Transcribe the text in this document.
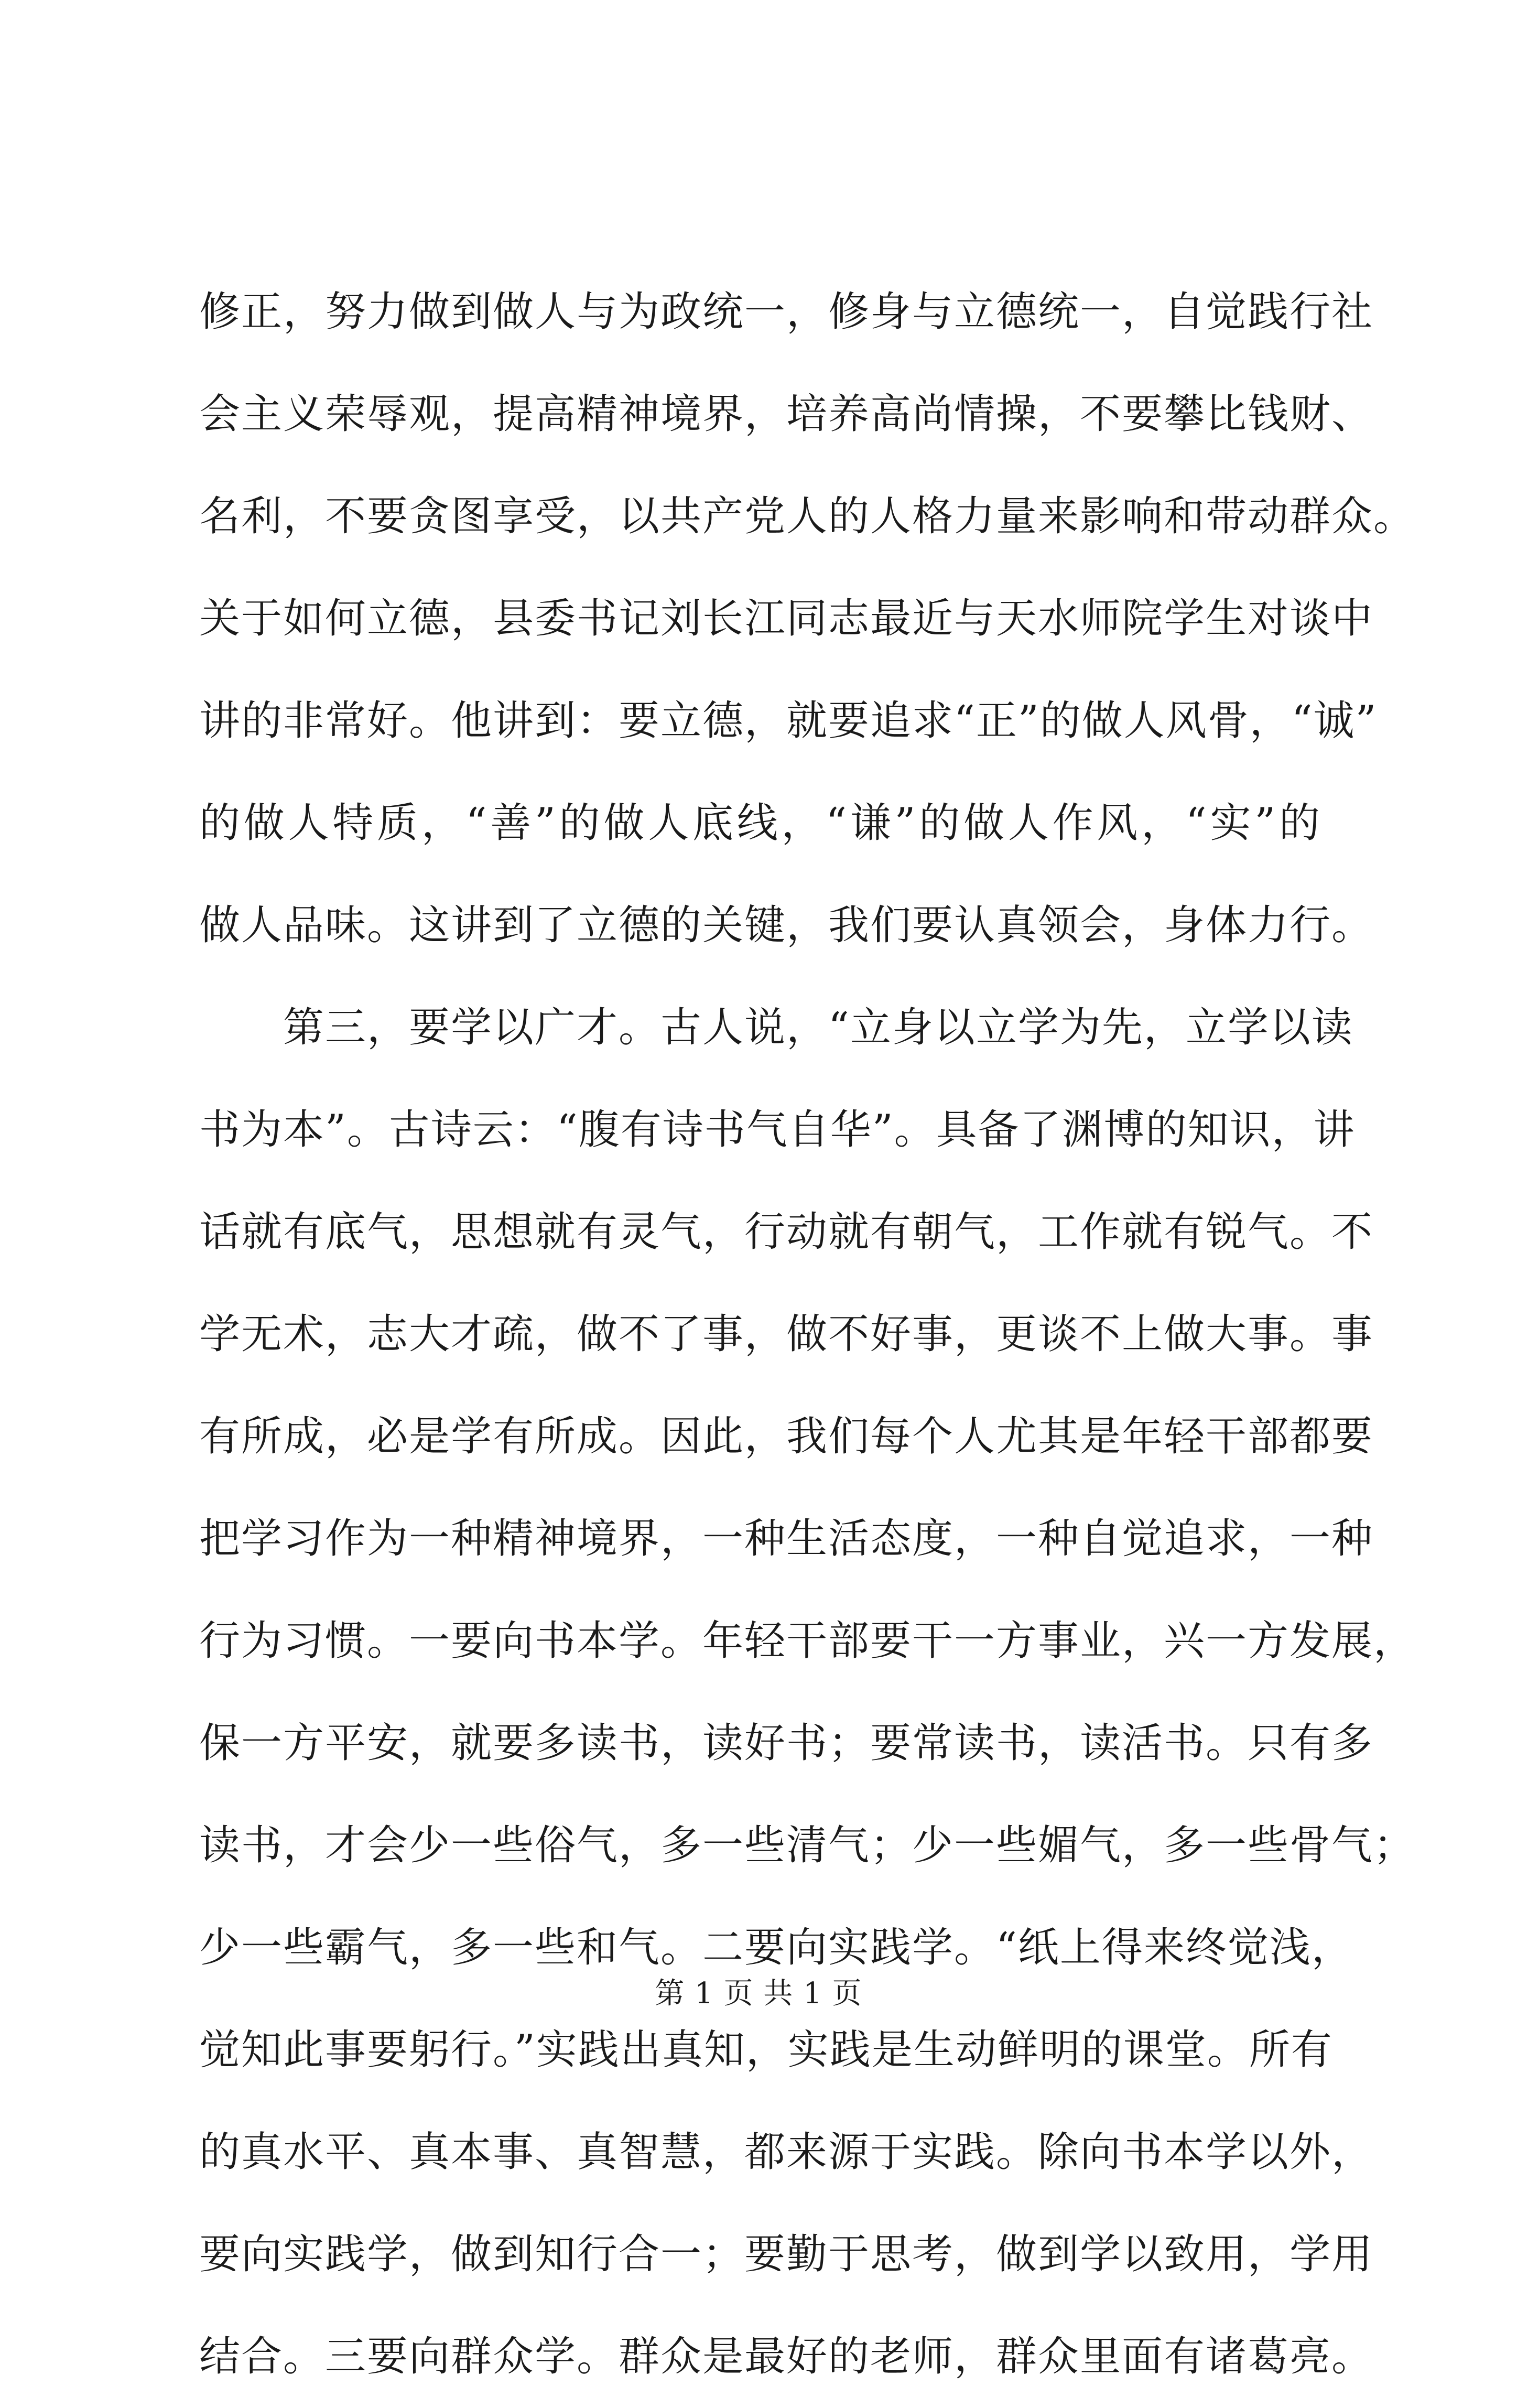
修正，努力做到做人与为政统一，修身与立德统一，自觉践行社
会主义荣辱观，提高精神境界，培养高尚情操，不要攀比钱财、
名利，不要贪图享受，以共产党人的人格力量来影响和带动群众。
关于如何立德，县委书记刘长江同志最近与天水师院学生对谈中
讲的非常好。他讲到：要立德，就要追求“正”的做人风骨，“诚”
的做人特质，“善”的做人底线，“谦”的做人作风，“实”的
做人品味。这讲到了立德的关键，我们要认真领会，身体力行。
第三，要学以广才。古人说，“立身以立学为先，立学以读
书为本”。古诗云：“腹有诗书气自华”。具备了渊博的知识，讲
话就有底气，思想就有灵气，行动就有朝气，工作就有锐气。不
学无术，志大才疏，做不了事，做不好事，更谈不上做大事。事
有所成，必是学有所成。因此，我们每个人尤其是年轻干部都要
把学习作为一种精神境界，一种生活态度，一种自觉追求，一种
行为习惯。一要向书本学。年轻干部要干一方事业，兴一方发展，
保一方平安，就要多读书，读好书；要常读书，读活书。只有多
读书，才会少一些俗气，多一些清气；少一些媚气，多一些骨气；
少一些霸气，多一些和气。二要向实践学。“纸上得来终觉浅，
觉知此事要躬行。”实践出真知，实践是生动鲜明的课堂。所有
的真水平、真本事、真智慧，都来源于实践。除向书本学以外，
要向实践学，做到知行合一；要勤于思考，做到学以致用，学用
结合。三要向群众学。群众是最好的老师，群众里面有诸葛亮。
第 1 页 共 1 页
